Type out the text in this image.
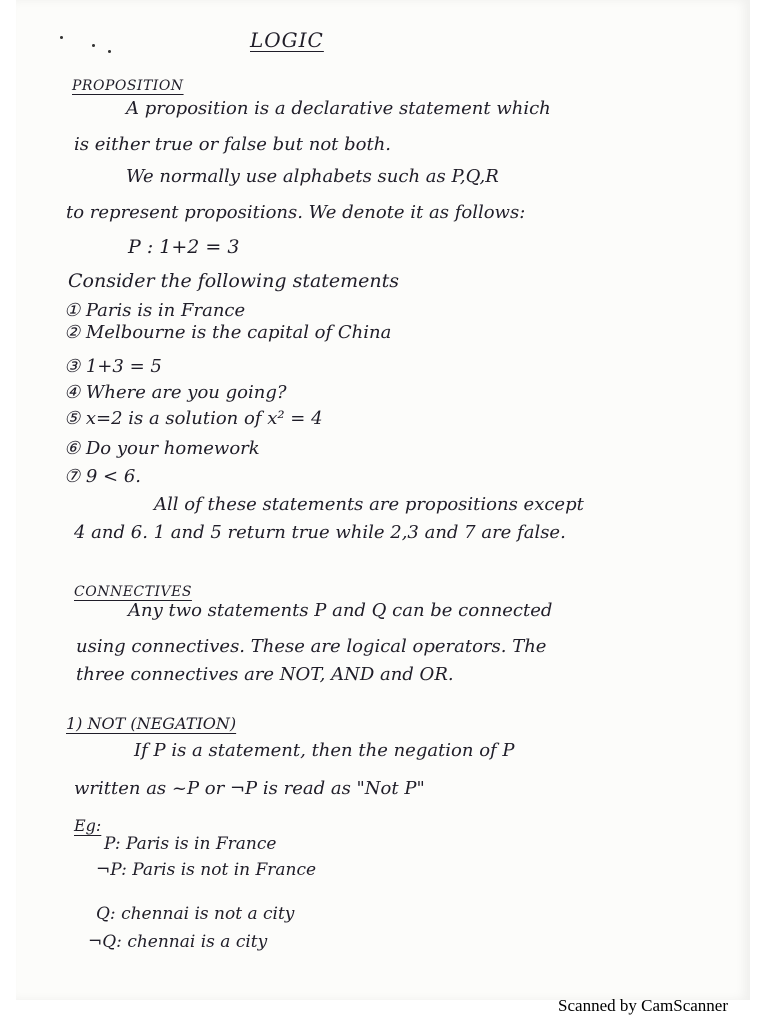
LOGIC
PROPOSITION
A proposition is a declarative statement which
is either true or false but not both.
We normally use alphabets such as P,Q,R
to represent propositions. We denote it as follows:
P : 1+2 = 3
Consider the following statements
① Paris is in France
② Melbourne is the capital of China
③ 1+3 = 5
④ Where are you going?
⑤ x=2 is a solution of x² = 4
⑥ Do your homework
⑦ 9 < 6.
All of these statements are propositions except
4 and 6. 1 and 5 return true while 2,3 and 7 are false.
CONNECTIVES
Any two statements P and Q can be connected
using connectives. These are logical operators. The
three connectives are NOT, AND and OR.
1) NOT (NEGATION)
If P is a statement, then the negation of P
written as ~P or ¬P is read as "Not P"
Eg:
P: Paris is in France
¬P: Paris is not in France
Q: chennai is not a city
¬Q: chennai is a city
Scanned by CamScanner
